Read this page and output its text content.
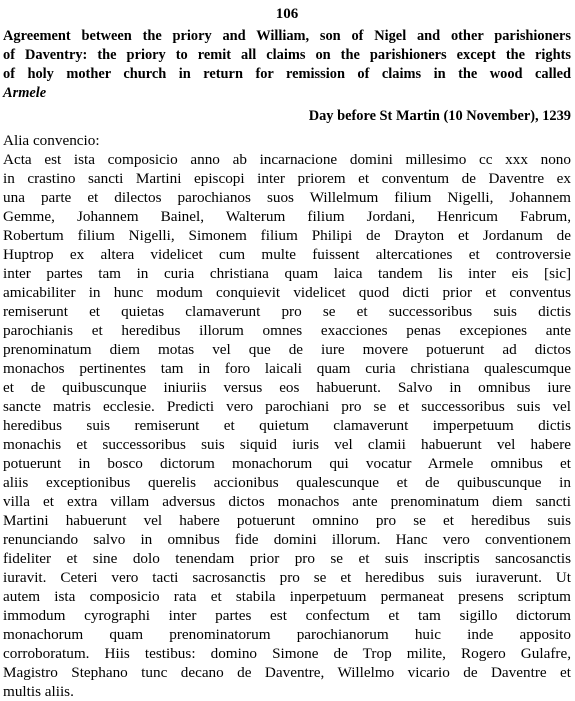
106
Agreement between the priory and William, son of Nigel and other parishioners
of Daventry: the priory to remit all claims on the parishioners except the rights
of holy mother church in return for remission of claims in the wood called
Armele
Day before St Martin (10 November), 1239
Alia convencio:
Acta est ista composicio anno ab incarnacione domini millesimo cc xxx nono
in crastino sancti Martini episcopi inter priorem et conventum de Daventre ex
una parte et dilectos parochianos suos Willelmum filium Nigelli, Johannem
Gemme, Johannem Bainel, Walterum filium Jordani, Henricum Fabrum,
Robertum filium Nigelli, Simonem filium Philipi de Drayton et Jordanum de
Huptrop ex altera videlicet cum multe fuissent altercationes et controversie
inter partes tam in curia christiana quam laica tandem lis inter eis [sic]
amicabiliter in hunc modum conquievit videlicet quod dicti prior et conventus
remiserunt et quietas clamaverunt pro se et successoribus suis dictis
parochianis et heredibus illorum omnes exacciones penas excepiones ante
prenominatum diem motas vel que de iure movere potuerunt ad dictos
monachos pertinentes tam in foro laicali quam curia christiana qualescumque
et de quibuscunque iniuriis versus eos habuerunt. Salvo in omnibus iure
sancte matris ecclesie. Predicti vero parochiani pro se et successoribus suis vel
heredibus suis remiserunt et quietum clamaverunt imperpetuum dictis
monachis et successoribus suis siquid iuris vel clamii habuerunt vel habere
potuerunt in bosco dictorum monachorum qui vocatur Armele omnibus et
aliis exceptionibus querelis accionibus qualescunque et de quibuscunque in
villa et extra villam adversus dictos monachos ante prenominatum diem sancti
Martini habuerunt vel habere potuerunt omnino pro se et heredibus suis
renunciando salvo in omnibus fide domini illorum. Hanc vero conventionem
fideliter et sine dolo tenendam prior pro se et suis inscriptis sancosanctis
iuravit. Ceteri vero tacti sacrosanctis pro se et heredibus suis iuraverunt. Ut
autem ista composicio rata et stabila inperpetuum permaneat presens scriptum
immodum cyrographi inter partes est confectum et tam sigillo dictorum
monachorum quam prenominatorum parochianorum huic inde apposito
corroboratum. Hiis testibus: domino Simone de Trop milite, Rogero Gulafre,
Magistro Stephano tunc decano de Daventre, Willelmo vicario de Daventre et
multis aliis.
